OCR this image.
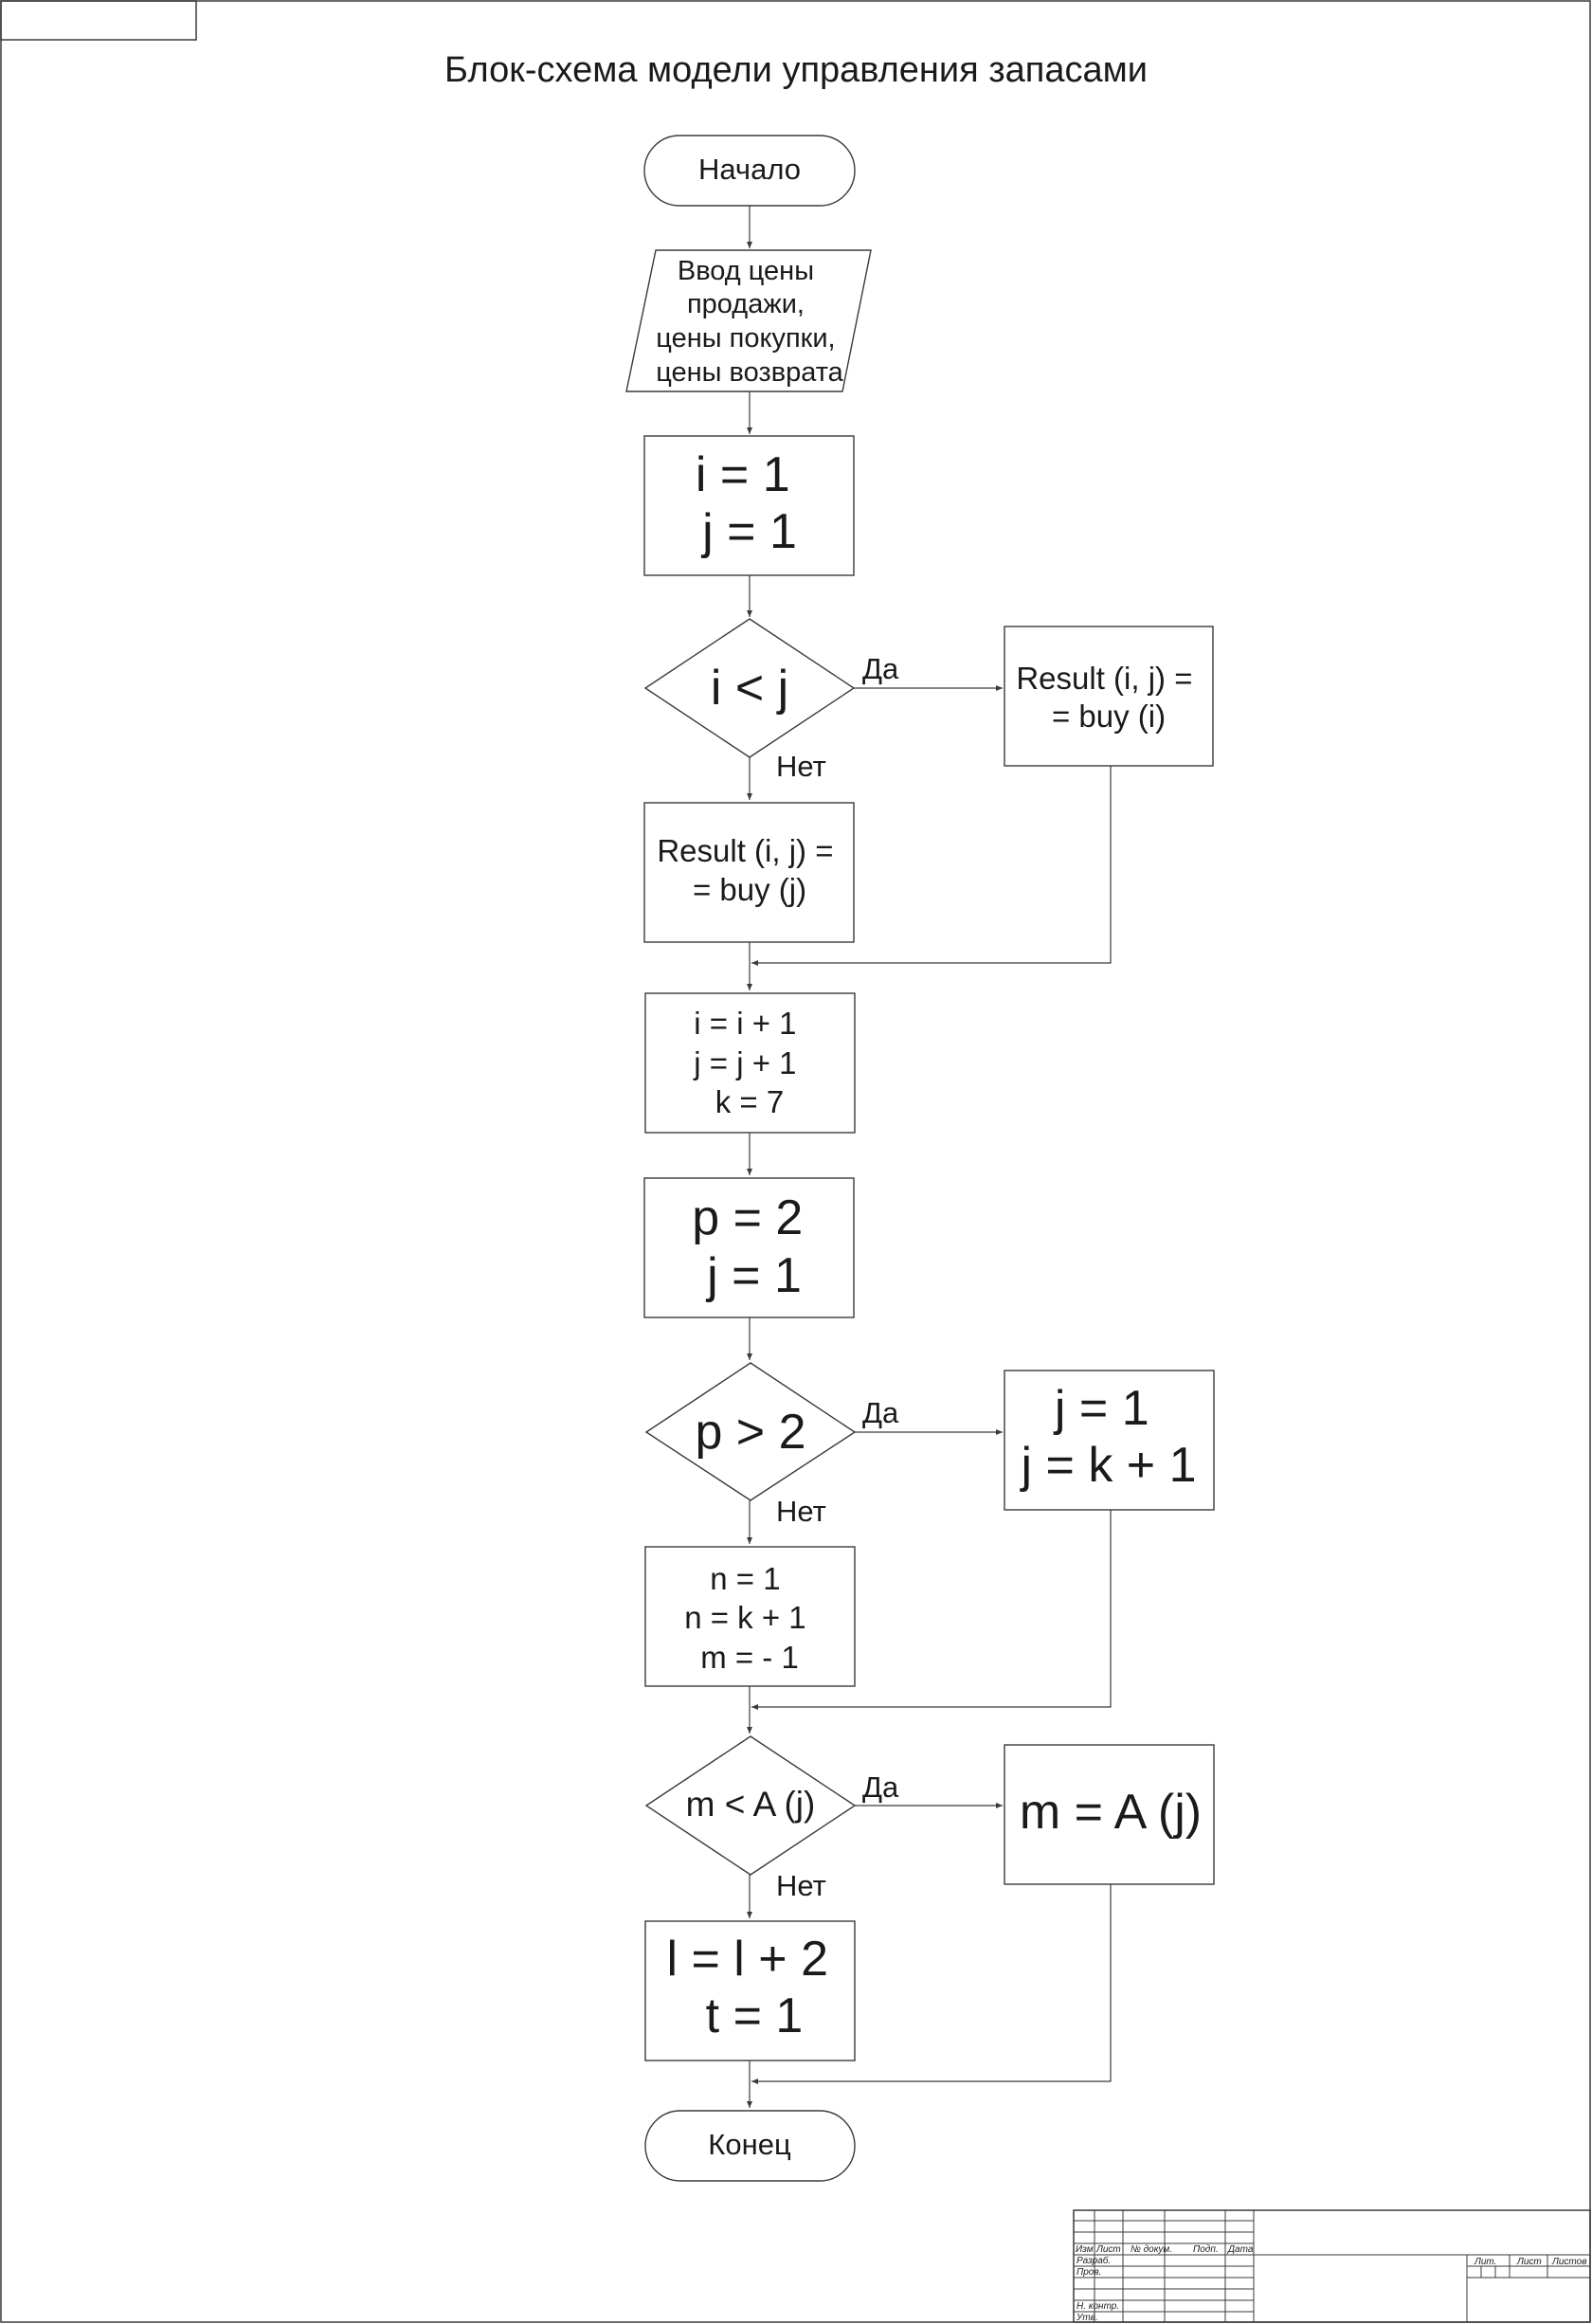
Блок-схема модели управления запасами
Начало
Ввод цены продажи, цены покупки, цены возврата
i = 1 j = 1
i < j	Да
Нет
Result (i, j) = = buy (i)
Result (i, j) = = buy (j)
i = i + 1 j = j + 1 k = 7
p = 2 j = 1
p > 2 Да
Нет
j = 1 j = k + 1
n = 1 n = k + 1 m = - 1
m < A (j) Да
Нет
m = A (j)
l = l + 2 t = 1
Конец
Изм Лист № докум. Подп. Дата
Разраб. Пров. Н. контр. Утв.
Лит. Лист Листов
